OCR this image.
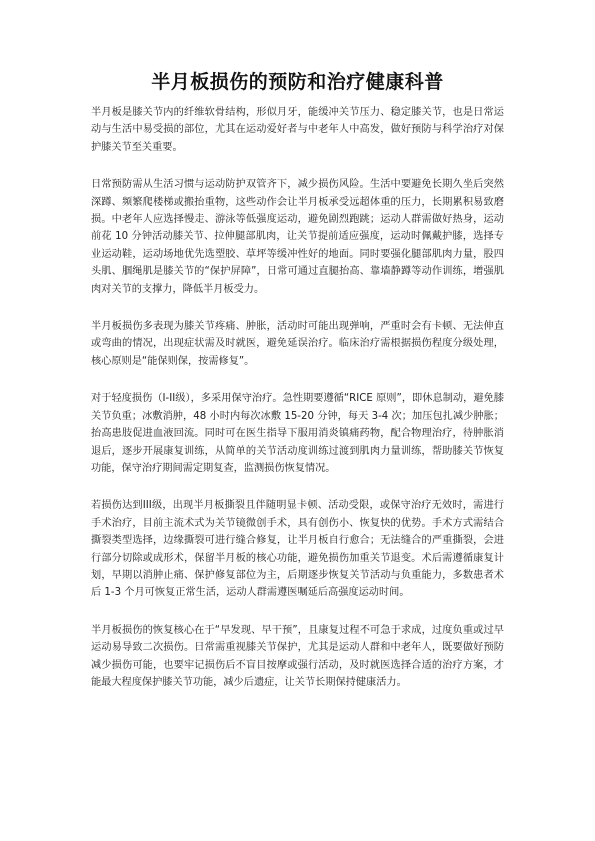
半月板损伤的预防和治疗健康科普

半月板是膝关节内的纤维软骨结构，形似月牙，能缓冲关节压力、稳定膝关节，也是日常运动与生活中易受损的部位，尤其在运动爱好者与中老年人中高发，做好预防与科学治疗对保护膝关节至关重要。

日常预防需从生活习惯与运动防护双管齐下，减少损伤风险。生活中要避免长期久坐后突然深蹲、频繁爬楼梯或搬抬重物，这些动作会让半月板承受远超体重的压力，长期累积易致磨损。中老年人应选择慢走、游泳等低强度运动，避免剧烈跑跳；运动人群需做好热身，运动前花 10 分钟活动膝关节、拉伸腿部肌肉，让关节提前适应强度，运动时佩戴护膝，选择专业运动鞋，运动场地优先选塑胶、草坪等缓冲性好的地面。同时要强化腿部肌肉力量，股四头肌、腘绳肌是膝关节的“保护屏障”，日常可通过直腿抬高、靠墙静蹲等动作训练，增强肌肉对关节的支撑力，降低半月板受力。

半月板损伤多表现为膝关节疼痛、肿胀，活动时可能出现弹响，严重时会有卡顿、无法伸直或弯曲的情况，出现症状需及时就医，避免延误治疗。临床治疗需根据损伤程度分级处理，核心原则是“能保则保，按需修复”。

对于轻度损伤（I-II级），多采用保守治疗。急性期要遵循“RICE 原则”，即休息制动，避免膝关节负重；冰敷消肿，48 小时内每次冰敷 15-20 分钟，每天 3-4 次；加压包扎减少肿胀；抬高患肢促进血液回流。同时可在医生指导下服用消炎镇痛药物，配合物理治疗，待肿胀消退后，逐步开展康复训练，从简单的关节活动度训练过渡到肌肉力量训练，帮助膝关节恢复功能，保守治疗期间需定期复查，监测损伤恢复情况。

若损伤达到III级，出现半月板撕裂且伴随明显卡顿、活动受限，或保守治疗无效时，需进行手术治疗，目前主流术式为关节镜微创手术，具有创伤小、恢复快的优势。手术方式需结合撕裂类型选择，边缘撕裂可进行缝合修复，让半月板自行愈合；无法缝合的严重撕裂，会进行部分切除或成形术，保留半月板的核心功能，避免损伤加重关节退变。术后需遵循康复计划，早期以消肿止痛、保护修复部位为主，后期逐步恢复关节活动与负重能力，多数患者术后 1-3 个月可恢复正常生活，运动人群需遵医嘱延后高强度运动时间。

半月板损伤的恢复核心在于“早发现、早干预”，且康复过程不可急于求成，过度负重或过早运动易导致二次损伤。日常需重视膝关节保护，尤其是运动人群和中老年人，既要做好预防减少损伤可能，也要牢记损伤后不盲目按摩或强行活动，及时就医选择合适的治疗方案，才能最大程度保护膝关节功能，减少后遗症，让关节长期保持健康活力。
